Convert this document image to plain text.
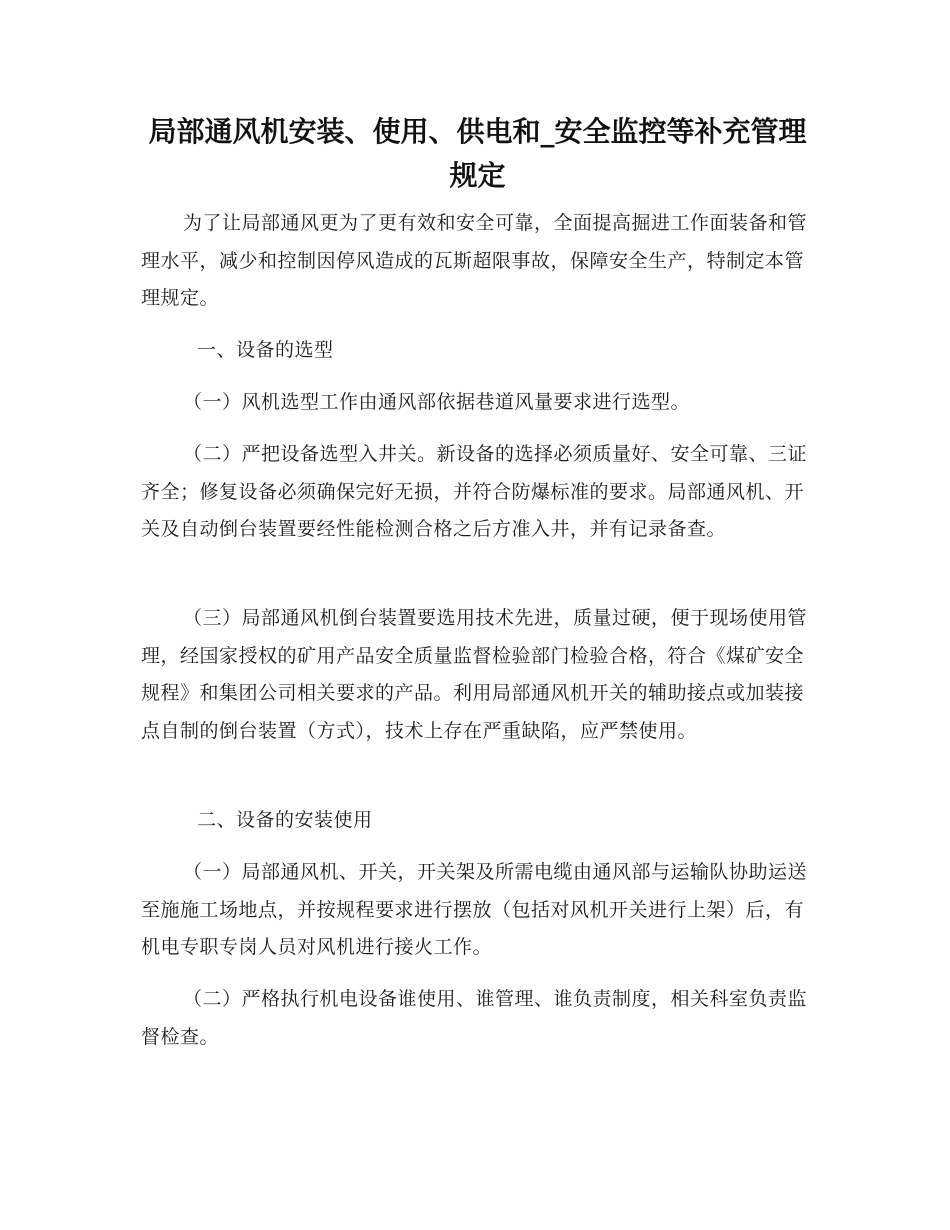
局部通风机安装、使用、供电和_安全监控等补充管理规定

为了让局部通风更为了更有效和安全可靠，全面提高掘进工作面装备和管理水平，减少和控制因停风造成的瓦斯超限事故，保障安全生产，特制定本管理规定。

一、设备的选型

（一）风机选型工作由通风部依据巷道风量要求进行选型。

（二）严把设备选型入井关。新设备的选择必须质量好、安全可靠、三证齐全；修复设备必须确保完好无损，并符合防爆标准的要求。局部通风机、开关及自动倒台装置要经性能检测合格之后方准入井，并有记录备查。

（三）局部通风机倒台装置要选用技术先进，质量过硬，便于现场使用管理，经国家授权的矿用产品安全质量监督检验部门检验合格，符合《煤矿安全规程》和集团公司相关要求的产品。利用局部通风机开关的辅助接点或加装接点自制的倒台装置（方式），技术上存在严重缺陷，应严禁使用。

二、设备的安装使用

（一）局部通风机、开关，开关架及所需电缆由通风部与运输队协助运送至施施工场地点，并按规程要求进行摆放（包括对风机开关进行上架）后，有机电专职专岗人员对风机进行接火工作。

（二）严格执行机电设备谁使用、谁管理、谁负责制度，相关科室负责监督检查。
